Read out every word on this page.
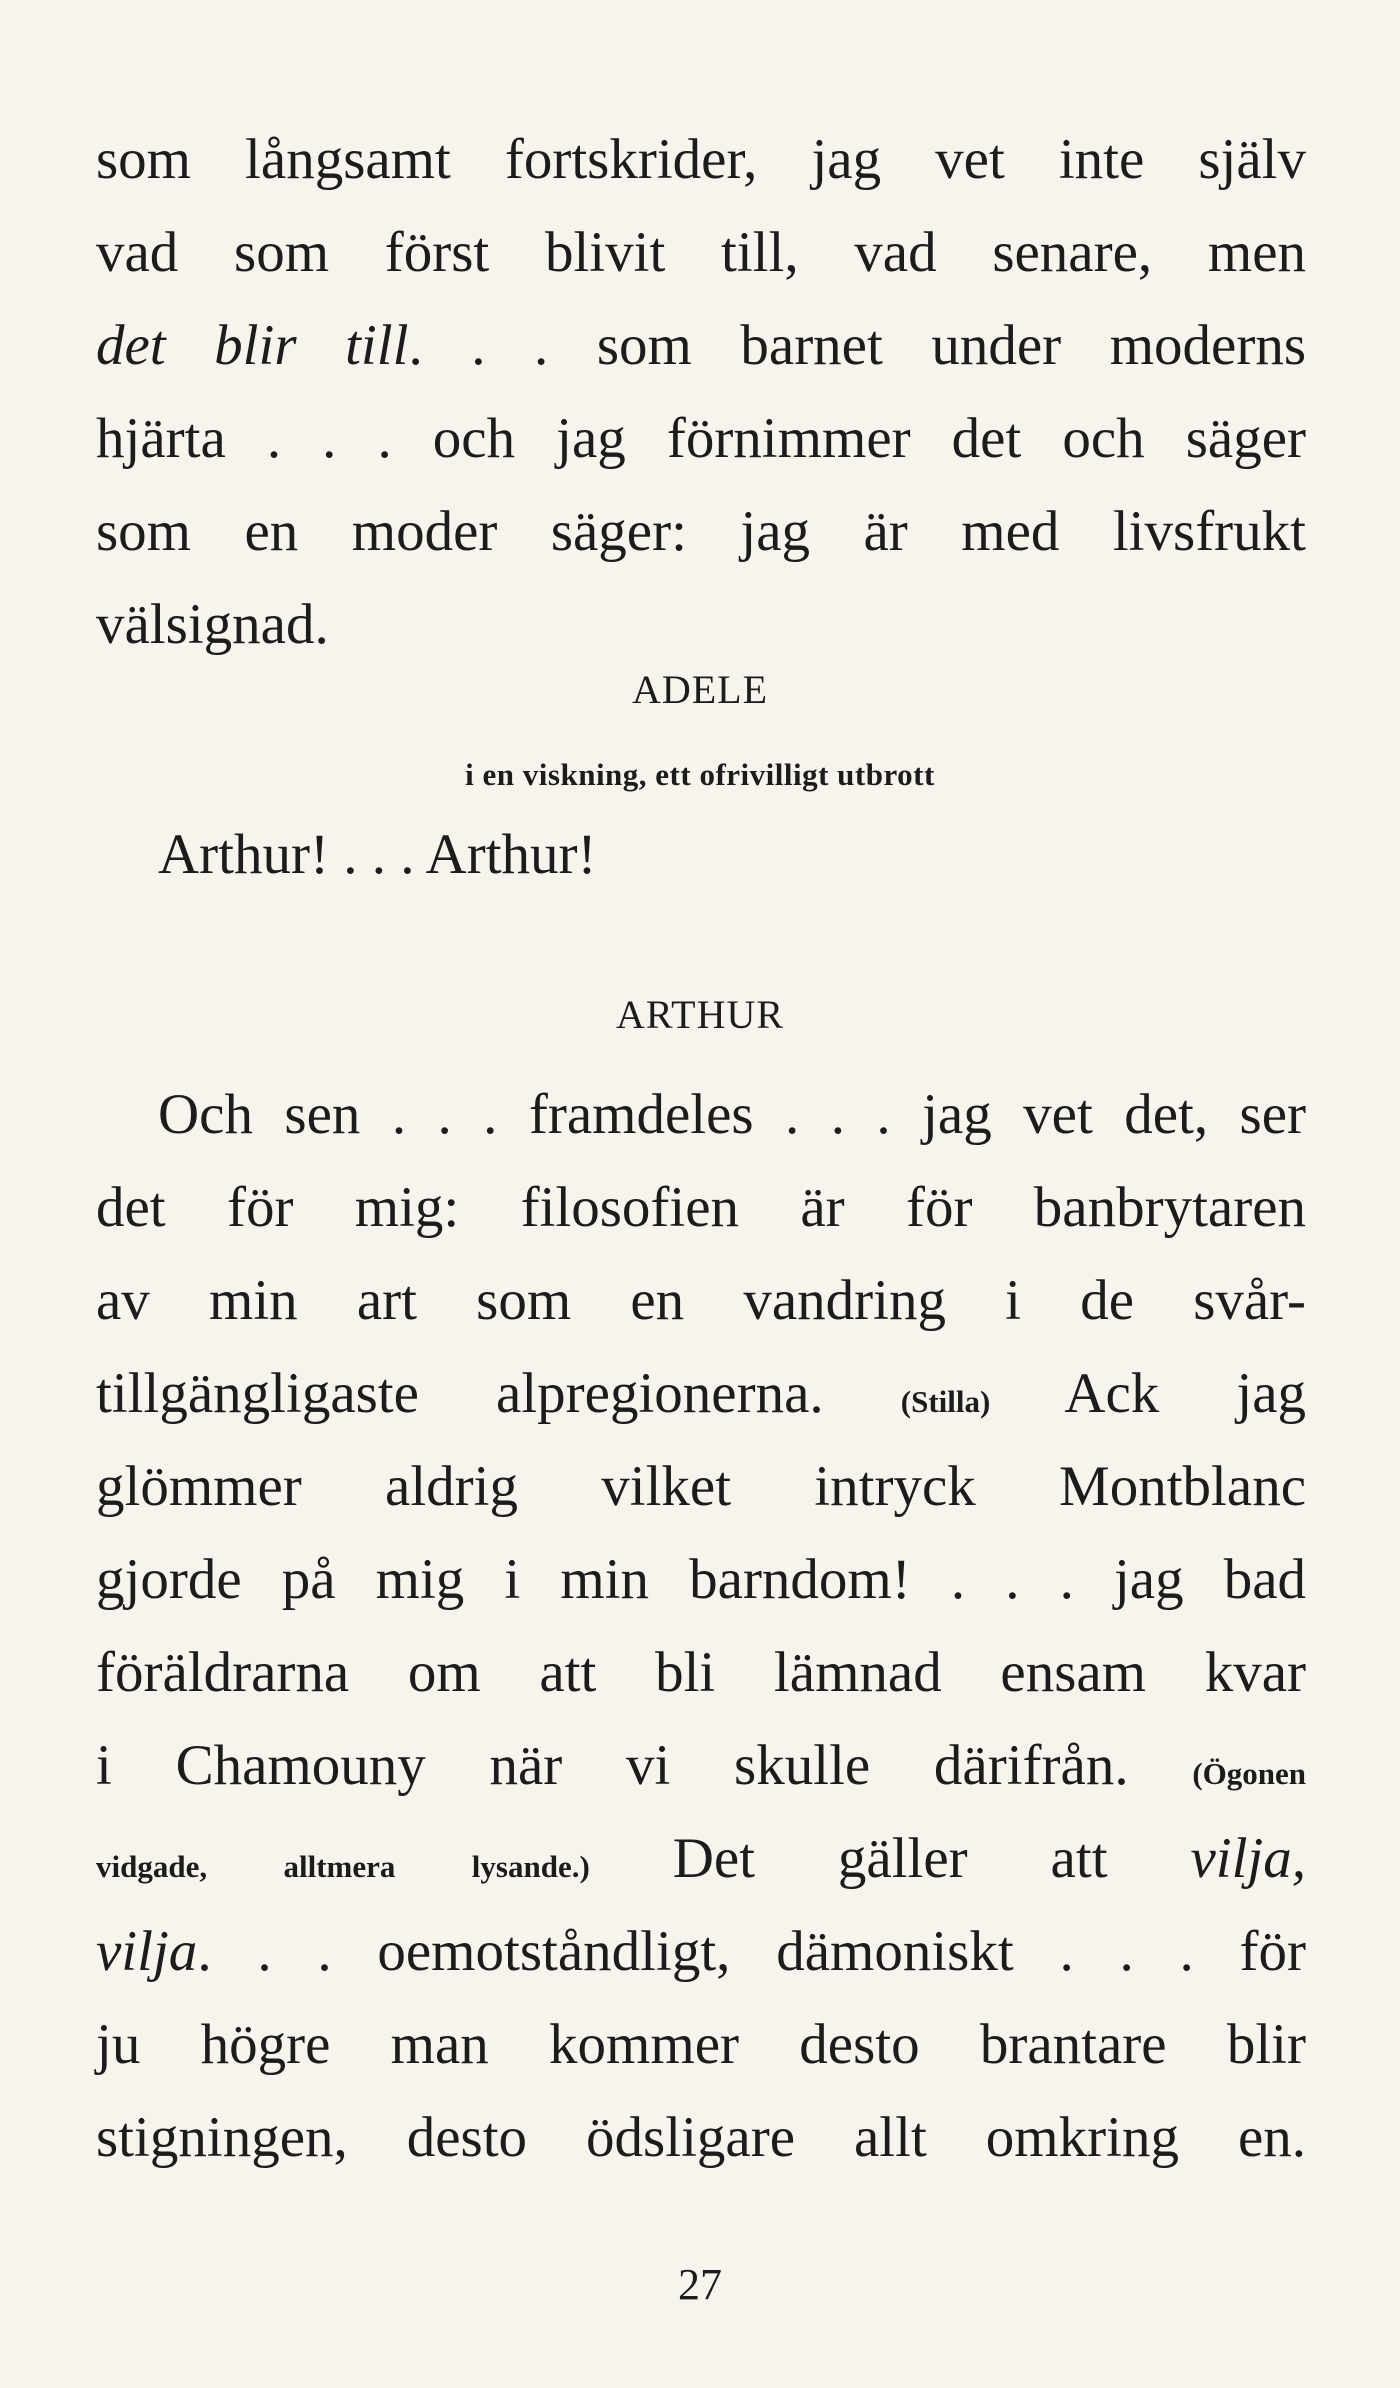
som långsamt fortskrider, jag vet inte själv
vad som först blivit till, vad senare, men
det blir till. . . som barnet under moderns
hjärta . . . och jag förnimmer det och säger
som en moder säger: jag är med livsfrukt
välsignad.
ADELE
i en viskning, ett ofrivilligt utbrott
Arthur! . . . Arthur!
ARTHUR
Och sen . . . framdeles . . . jag vet det, ser
det för mig: filosofien är för banbrytaren
av min art som en vandring i de svår-
tillgängligaste alpregionerna. (Stilla) Ack jag
glömmer aldrig vilket intryck Montblanc
gjorde på mig i min barndom! . . . jag bad
föräldrarna om att bli lämnad ensam kvar
i Chamouny när vi skulle därifrån. (Ögonen
vidgade, alltmera lysande.) Det gäller att vilja,
vilja. . . oemotståndligt, dämoniskt . . . för
ju högre man kommer desto brantare blir
stigningen, desto ödsligare allt omkring en.
27
